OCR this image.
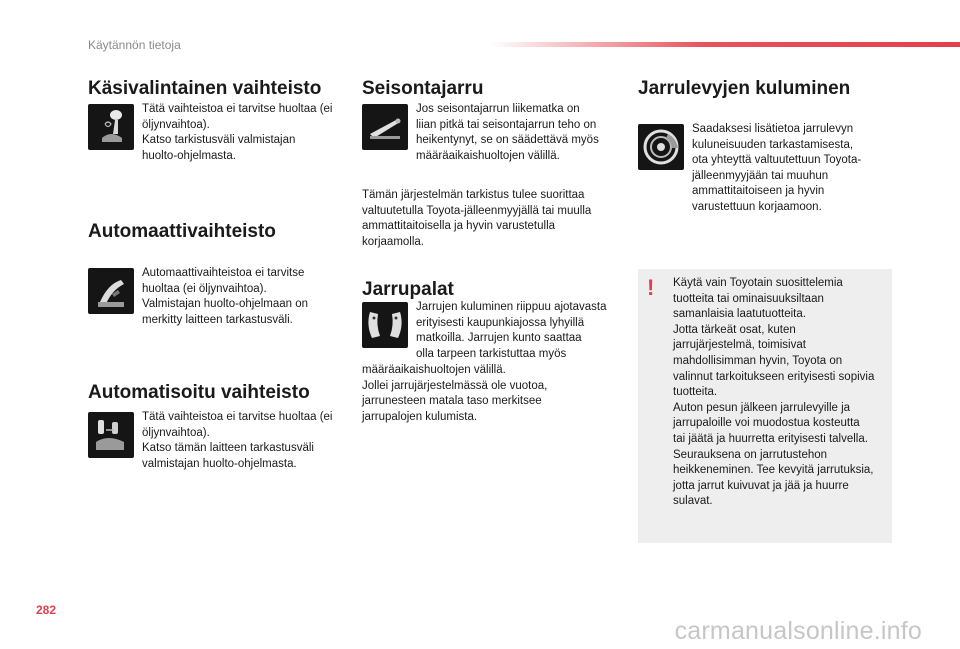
Käytännön tietoja
Käsivalintainen vaihteisto
Tätä vaihteistoa ei tarvitse huoltaa (ei
öljynvaihtoa).
Katso tarkistusväli valmistajan
huolto-ohjelmasta.
Automaattivaihteisto
Automaattivaihteistoa ei tarvitse
huoltaa (ei öljynvaihtoa).
Valmistajan huolto-ohjelmaan on
merkitty laitteen tarkastusväli.
Automatisoitu vaihteisto
Tätä vaihteistoa ei tarvitse huoltaa (ei
öljynvaihtoa).
Katso tämän laitteen tarkastusväli
valmistajan huolto-ohjelmasta.
Seisontajarru
Jos seisontajarrun liikematka on
liian pitkä tai seisontajarrun teho on
heikentynyt, se on säädettävä myös
määräaikaishuoltojen välillä.
Tämän järjestelmän tarkistus tulee suorittaa
valtuutetulla Toyota-jälleenmyyjällä tai muulla
ammattitaitoisella ja hyvin varustetulla
korjaamolla.
Jarrupalat
Jarrujen kuluminen riippuu ajotavasta
erityisesti kaupunkiajossa lyhyillä
matkoilla. Jarrujen kunto saattaa
olla tarpeen tarkistuttaa myös
määräaikaishuoltojen välillä.
Jollei jarrujärjestelmässä ole vuotoa,
jarrunesteen matala taso merkitsee
jarrupalojen kulumista.
Jarrulevyjen kuluminen
Saadaksesi lisätietoa jarrulevyn
kuluneisuuden tarkastamisesta,
ota yhteyttä valtuutettuun Toyota-
jälleenmyyjään tai muuhun
ammattitaitoiseen ja hyvin
varustettuun korjaamoon.
! Käytä vain Toyotain suosittelemia
tuotteita tai ominaisuuksiltaan
samanlaisia laatutuotteita.
Jotta tärkeät osat, kuten
jarrujärjestelmä, toimisivat
mahdollisimman hyvin, Toyota on
valinnut tarkoitukseen erityisesti sopivia
tuotteita.
Auton pesun jälkeen jarrulevyille ja
jarrupaloille voi muodostua kosteutta
tai jäätä ja huurretta erityisesti talvella.
Seurauksena on jarrutustehon
heikkeneminen. Tee kevyitä jarrutuksia,
jotta jarrut kuivuvat ja jää ja huurre
sulavat.
282
carmanualsonline.info
